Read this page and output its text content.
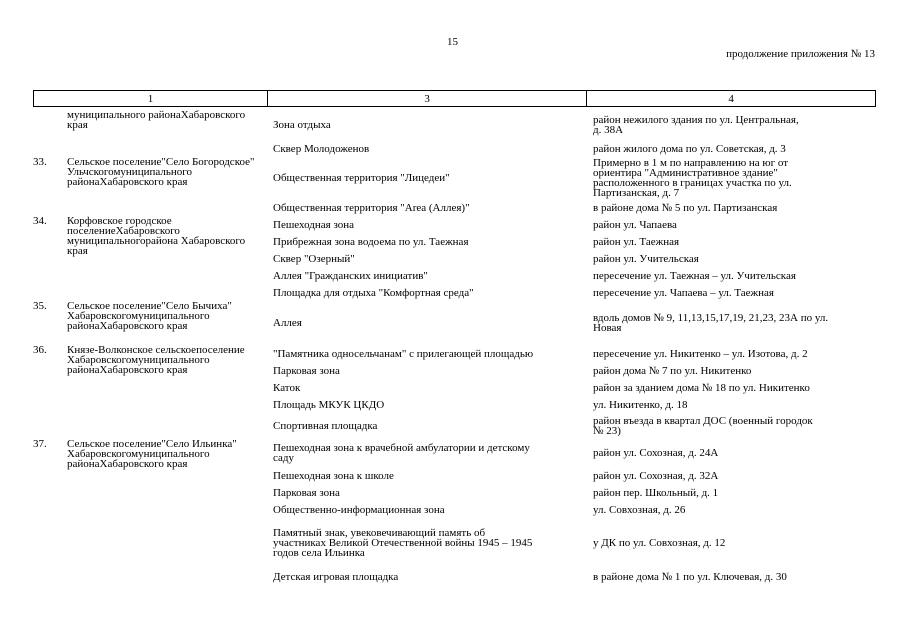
15
продолжение приложения № 13
1	3	4

	муниципального районаХабаровского края	Зона отдыха	район нежилого здания по ул. Центральная,
д. 38А

		Сквер Молодоженов	район жилого дома по ул. Советская, д. 3

33.	Сельское поселение"Село Богородское" Ульчскогомуниципального районаХабаровского края	Общественная территория "Лицедеи"	Примерно в 1 м по направлению на юг от
ориентира "Административное здание"
расположенного в границах участка по ул.
Партизанская, д. 7

		Общественная территория "Area (Аллея)"	в районе дома № 5 по ул. Партизанская

34.	Корфовское городское поселениеХабаровского муниципальногорайона Хабаровского края	Пешеходная зона	район ул. Чапаева

		Прибрежная зона водоема по ул. Таежная	район ул. Таежная

		Сквер "Озерный"	район ул. Учительская

		Аллея "Гражданских инициатив"	пересечение ул. Таежная – ул. Учительская

		Площадка для отдыха "Комфортная среда"	пересечение ул. Чапаева – ул. Таежная

35.	Сельское поселение"Село Бычиха" Хабаровскогомуниципального районаХабаровского края	Аллея	вдоль домов № 9, 11,13,15,17,19, 21,23, 23А по ул.
Новая

36.	Князе-Волконское сельскоепоселение Хабаровскогомуниципального районаХабаровского края	"Памятника односельчанам" с прилегающей площадью	пересечение ул. Никитенко – ул. Изотова, д. 2

		Парковая зона	район дома № 7 по ул. Никитенко

		Каток	район за зданием дома № 18 по ул. Никитенко

		Площадь МКУК ЦКДО	ул. Никитенко, д. 18

		Спортивная площадка	район въезда в квартал ДОС (военный городок
№ 23)

37.	Сельское поселение"Село Ильинка" Хабаровскогомуниципального районаХабаровского края	Пешеходная зона к врачебной амбулатории и детскому
саду	район ул. Сохозная, д. 24А

		Пешеходная зона к школе	район ул. Сохозная, д. 32А

		Парковая зона	район пер. Школьный, д. 1

		Общественно-информационная зона	ул. Совхозная, д. 26

		Памятный знак, увековечивающий память об
участниках Великой Отечественной войны 1945 – 1945
годов села Ильинка	у ДК по ул. Совхозная, д. 12

		Детская игровая площадка	в районе дома № 1 по ул. Ключевая, д. 30
